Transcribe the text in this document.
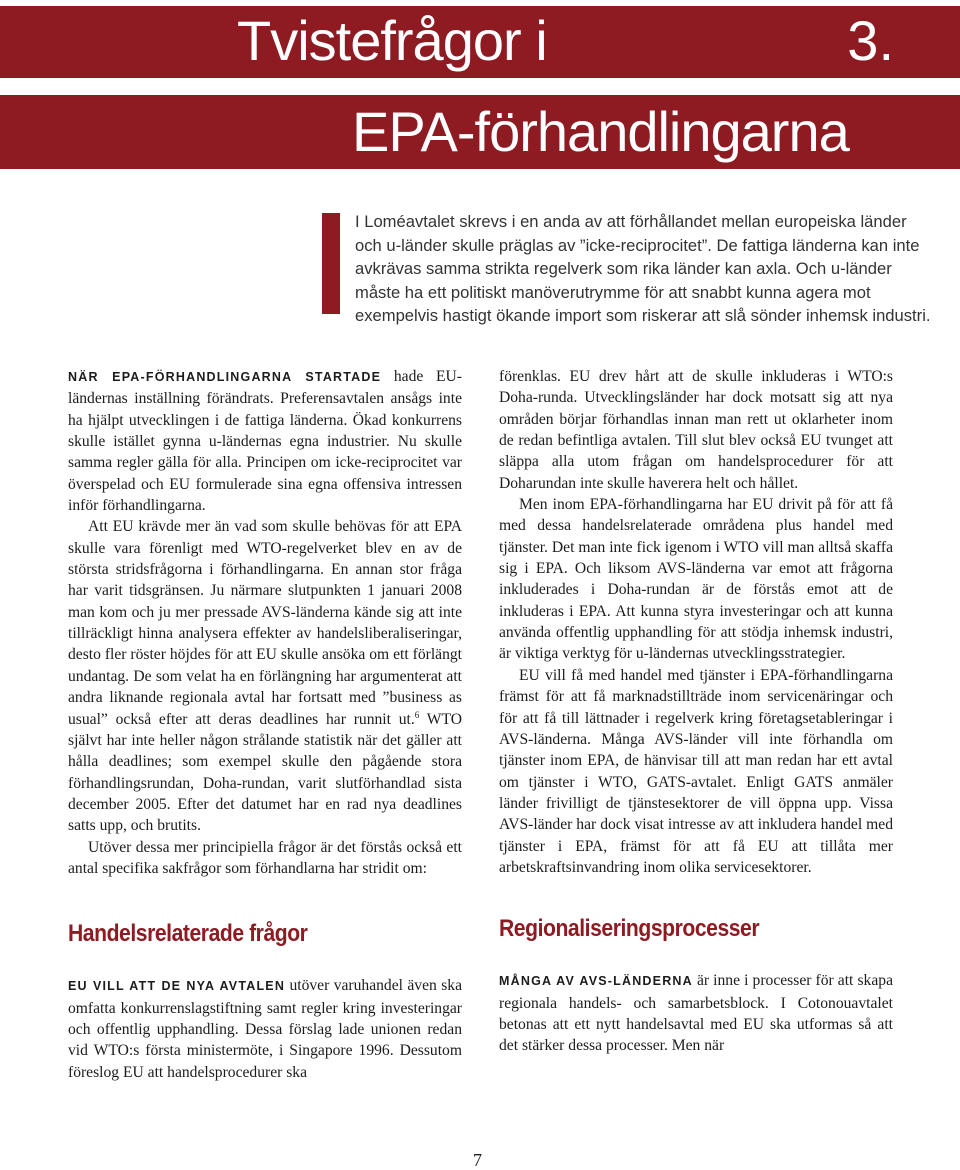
Tvistefrågor i	3.
EPA-förhandlingarna

I Loméavtalet skrevs i en anda av att förhållandet mellan europeiska länder och u-länder skulle präglas av ”icke-reciprocitet”. De fattiga länderna kan inte avkrävas samma strikta regelverk som rika länder kan axla. Och u-länder måste ha ett politiskt manöverutrymme för att snabbt kunna agera mot exempelvis hastigt ökande import som riskerar att slå sönder inhemsk industri.

NÄR EPA-FÖRHANDLINGARNA STARTADE hade EU-ländernas inställning förändrats. Preferensavtalen ansågs inte ha hjälpt utvecklingen i de fattiga länderna. Ökad konkurrens skulle istället gynna u-ländernas egna industrier. Nu skulle samma regler gälla för alla. Principen om icke-reciprocitet var överspelad och EU formulerade sina egna offensiva intressen inför förhandlingarna.

Att EU krävde mer än vad som skulle behövas för att EPA skulle vara förenligt med WTO-regelverket blev en av de största stridsfrågorna i förhandlingarna. En annan stor fråga har varit tidsgränsen. Ju närmare slutpunkten 1 januari 2008 man kom och ju mer pressade AVS-länderna kände sig att inte tillräckligt hinna analysera effekter av handelsliberaliseringar, desto fler röster höjdes för att EU skulle ansöka om ett förlängt undantag. De som velat ha en förlängning har argumenterat att andra liknande regionala avtal har fortsatt med ”business as usual” också efter att deras deadlines har runnit ut.$^6$ WTO självt har inte heller någon strålande statistik när det gäller att hålla deadlines; som exempel skulle den pågående stora förhandlingsrundan, Doha-rundan, varit slutförhandlad sista december 2005. Efter det datumet har en rad nya deadlines satts upp, och brutits.

Utöver dessa mer principiella frågor är det förstås också ett antal specifika sakfrågor som förhandlarna har stridit om:

Handelsrelaterade frågor

EU VILL ATT DE NYA AVTALEN utöver varuhandel även ska omfatta konkurrenslagstiftning samt regler kring investeringar och offentlig upphandling. Dessa förslag lade unionen redan vid WTO:s första ministermöte, i Singapore 1996. Dessutom föreslog EU att handelsprocedurer ska

förenklas. EU drev hårt att de skulle inkluderas i WTO:s Doha-runda. Utvecklingsländer har dock motsatt sig att nya områden börjar förhandlas innan man rett ut oklarheter inom de redan befintliga avtalen. Till slut blev också EU tvunget att släppa alla utom frågan om handelsprocedurer för att Doharundan inte skulle haverera helt och hållet.

Men inom EPA-förhandlingarna har EU drivit på för att få med dessa handelsrelaterade områdena plus handel med tjänster. Det man inte fick igenom i WTO vill man alltså skaffa sig i EPA. Och liksom AVS-länderna var emot att frågorna inkluderades i Doha-rundan är de förstås emot att de inkluderas i EPA. Att kunna styra investeringar och att kunna använda offentlig upphandling för att stödja inhemsk industri, är viktiga verktyg för u-ländernas utvecklingsstrategier.

EU vill få med handel med tjänster i EPA-förhandlingarna främst för att få marknadstillträde inom servicenäringar och för att få till lättnader i regelverk kring företagsetableringar i AVS-länderna. Många AVS-länder vill inte förhandla om tjänster inom EPA, de hänvisar till att man redan har ett avtal om tjänster i WTO, GATS-avtalet. Enligt GATS anmäler länder frivilligt de tjänstesektorer de vill öppna upp. Vissa AVS-länder har dock visat intresse av att inkludera handel med tjänster i EPA, främst för att få EU att tillåta mer arbetskraftsinvandring inom olika servicesektorer.

Regionaliseringsprocesser

MÅNGA AV AVS-LÄNDERNA är inne i processer för att skapa regionala handels- och samarbetsblock. I Cotonouavtalet betonas att ett nytt handelsavtal med EU ska utformas så att det stärker dessa processer. Men när

7
